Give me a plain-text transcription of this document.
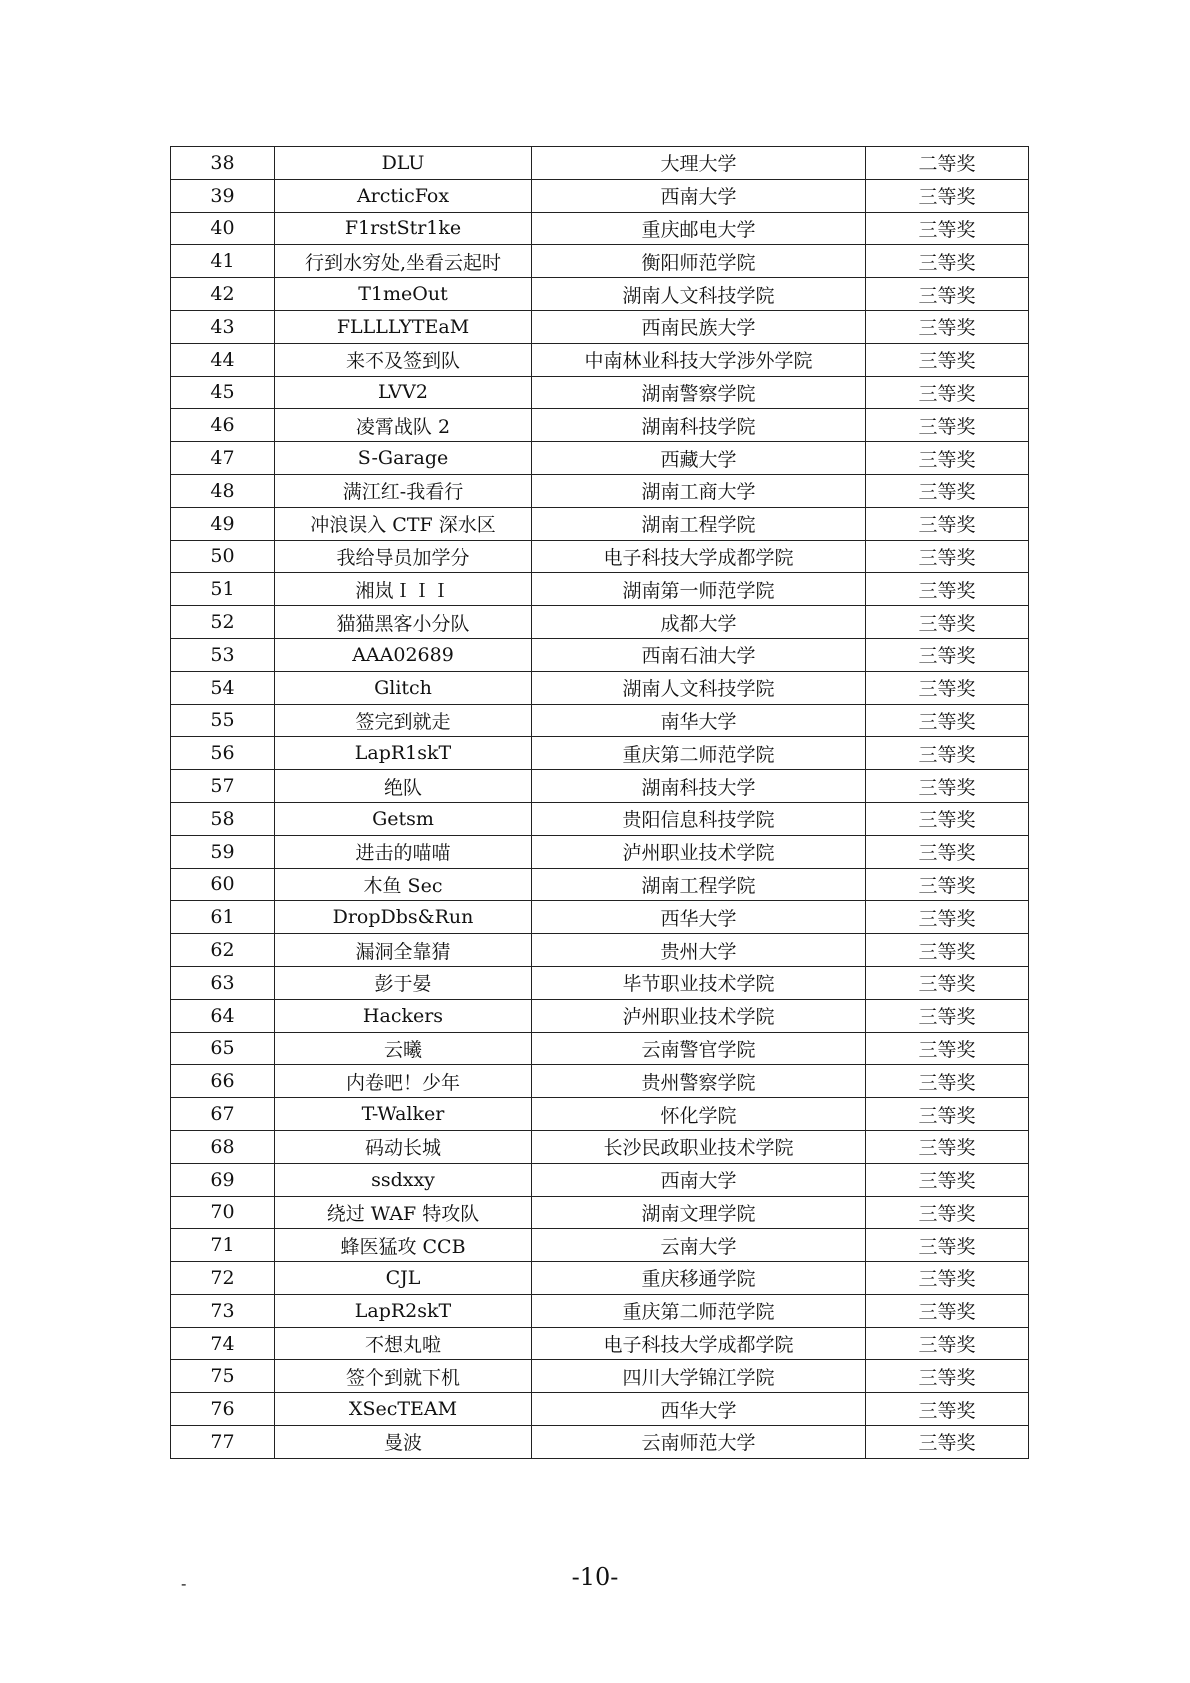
38	DLU	大理大学	二等奖
39	ArcticFox	西南大学	三等奖
40	F1rstStr1ke	重庆邮电大学	三等奖
41	行到水穷处,坐看云起时	衡阳师范学院	三等奖
42	T1meOut	湖南人文科技学院	三等奖
43	FLLLLYTEaM	西南民族大学	三等奖
44	来不及签到队	中南林业科技大学涉外学院	三等奖
45	LVV2	湖南警察学院	三等奖
46	凌霄战队 2	湖南科技学院	三等奖
47	S-Garage	西藏大学	三等奖
48	满江红-我看行	湖南工商大学	三等奖
49	冲浪误入 CTF 深水区	湖南工程学院	三等奖
50	我给导员加学分	电子科技大学成都学院	三等奖
51	湘岚ＩＩＩ	湖南第一师范学院	三等奖
52	猫猫黑客小分队	成都大学	三等奖
53	AAA02689	西南石油大学	三等奖
54	Glitch	湖南人文科技学院	三等奖
55	签完到就走	南华大学	三等奖
56	LapR1skT	重庆第二师范学院	三等奖
57	绝队	湖南科技大学	三等奖
58	Getsm	贵阳信息科技学院	三等奖
59	进击的喵喵	泸州职业技术学院	三等奖
60	木鱼 Sec	湖南工程学院	三等奖
61	DropDbs&Run	西华大学	三等奖
62	漏洞全靠猜	贵州大学	三等奖
63	彭于晏	毕节职业技术学院	三等奖
64	Hackers	泸州职业技术学院	三等奖
65	云曦	云南警官学院	三等奖
66	内卷吧！少年	贵州警察学院	三等奖
67	T-Walker	怀化学院	三等奖
68	码动长城	长沙民政职业技术学院	三等奖
69	ssdxxy	西南大学	三等奖
70	绕过 WAF 特攻队	湖南文理学院	三等奖
71	蜂医猛攻 CCB	云南大学	三等奖
72	CJL	重庆移通学院	三等奖
73	LapR2skT	重庆第二师范学院	三等奖
74	不想丸啦	电子科技大学成都学院	三等奖
75	签个到就下机	四川大学锦江学院	三等奖
76	XSecTEAM	西华大学	三等奖
77	曼波	云南师范大学	三等奖
-	-10-
